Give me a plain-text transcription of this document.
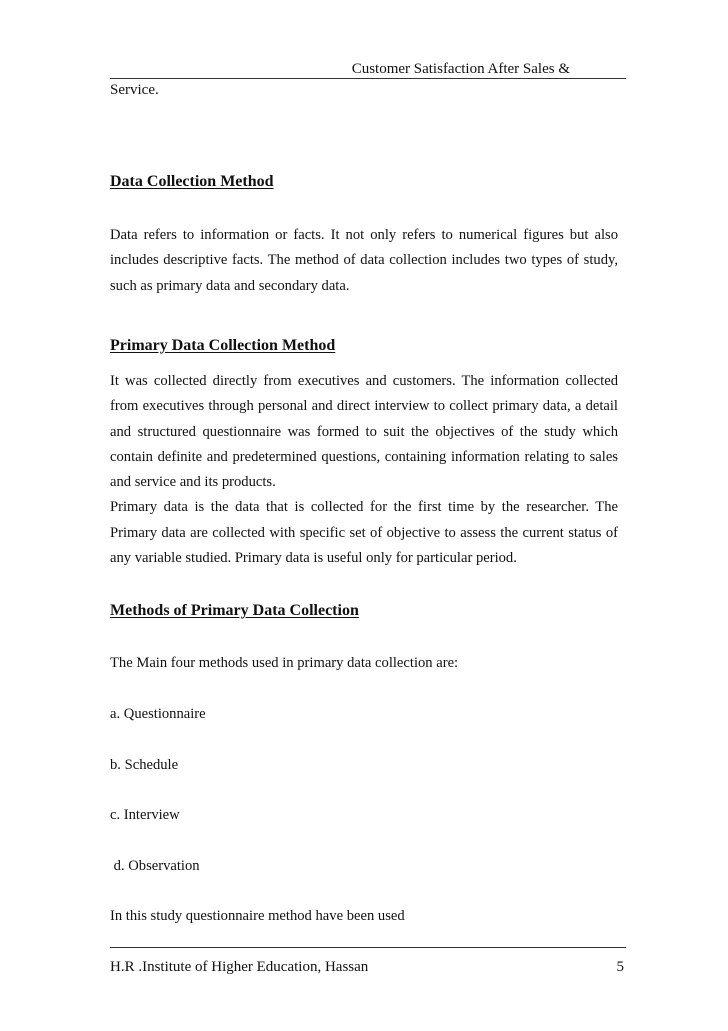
Customer Satisfaction After Sales &
Service.
Data Collection Method
Data refers to information or facts. It not only refers to numerical figures but also
includes descriptive facts. The method of data collection includes two types of study,
such as primary data and secondary data.
Primary Data Collection Method
It was collected directly from executives and customers. The information collected
from executives through personal and direct interview to collect primary data, a detail
and structured questionnaire was formed to suit the objectives of the study which
contain definite and predetermined questions, containing information relating to sales
and service and its products.
Primary data is the data that is collected for the first time by the researcher. The
Primary data are collected with specific set of objective to assess the current status of
any variable studied. Primary data is useful only for particular period.
Methods of Primary Data Collection
The Main four methods used in primary data collection are:
a. Questionnaire
b. Schedule
c. Interview
d. Observation
In this study questionnaire method have been used
H.R .Institute of Higher Education, Hassan	5
